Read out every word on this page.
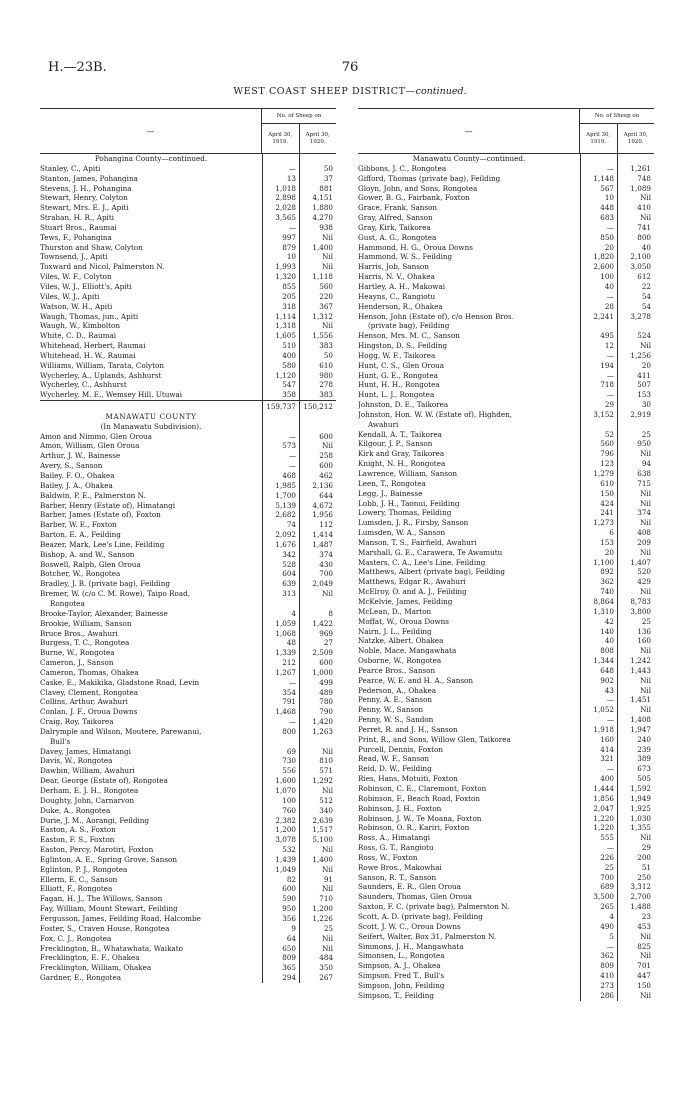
H.—23B.	76
WEST COAST SHEEP DISTRICT—continued.
—
No. of Sheep on
April 30, 1919.
April 30, 1920.
Pohangina County—continued.
Stanley, C., Apiti	—	50
Stanton, James, Pohangina	13	37
Stevens, J. H., Pohangina	1,018	881
Stewart, Henry, Colyton	2,898	4,151
Stewart, Mrs. E. J., Apiti	2,028	1,880
Strahan, H. R., Apiti	3,565	4,270
Stuart Bros., Raumai	—	938
Tews, F., Pohangina	997	Nil
Thurston and Shaw, Colyton	879	1,400
Townsend, J., Apiti	10	Nil
Toxward and Nicol, Palmerston N.	1,993	Nil
Viles, W. F., Colyton	1,320	1,118
Viles, W. J., Elliott's, Apiti	855	560
Viles, W. J., Apiti	205	220
Watson, W. H., Apiti	318	367
Waugh, Thomas, jun., Apiti	1,114	1,312
Waugh, W., Kimbolton	1,318	Nil
White, C. D., Raumai	1,605	1,556
Whitehead, Herbert, Raumai	510	383
Whitehead, H. W., Raumai	400	50
Williams, William, Tarata, Colyton	580	610
Wycherley, A., Uplands, Ashhurst	1,120	980
Wycherley, C., Ashhurst	547	278
Wycherley, M. E., Wemsey Hill, Utuwai	358	383
159,737	150,212
MANAWATU COUNTY
(In Manawatu Subdivision).
Amon and Nimmo, Glen Oroua	—	600
Amon, William, Glen Oroua	573	Nil
Arthur, J. W., Bainesse	—	258
Avery, S., Sanson	—	600
Bailey, F. O., Ohakea	468	462
Bailey, J. A., Ohakea	1,985	2,136
Baldwin, P. E., Palmerston N.	1,700	644
Barber, Henry (Estate of), Himatangi	5,139	4,672
Barber, James (Estate of), Foxton	2,682	1,956
Barber, W. E., Foxton	74	112
Barton, E. A., Feilding	2,092	1,414
Beazer, Mark, Lee's Line, Feilding	1,676	1,487
Bishop, A. and W., Sanson	342	374
Boswell, Ralph, Glen Oroua	528	430
Botcher, W., Rongotea	604	700
Bradley, J. B. (private bag), Feilding	639	2,049
Bremer, W. (c/o C. M. Rowe), Taipo Road,	313	Nil
Rongotea
Brooke-Taylor, Alexander, Bainesse	4	8
Brookie, William, Sanson	1,059	1,422
Bruce Bros., Awahuri	1,068	969
Burgess, T. C., Rongotea	48	27
Burne, W., Rongotea	1,339	2,509
Cameron, J., Sanson	212	600
Cameron, Thomas, Ohakea	1,267	1,000
Caske, E., Makikika, Gladstone Road, Levin	—	499
Clavey, Clement, Rongotea	354	489
Collins, Arthur, Awahuri	791	780
Conlan, J. F., Oroua Downs	1,468	790
Craig, Roy, Taikorea	—	1,420
Dalrymple and Wilson, Moutere, Parewanui,	800	1,263
Bull's
Davey, James, Himatangi	69	Nil
Davis, W., Rongotea	730	810
Dawbin, William, Awahuri	556	571
Dear, George (Estate of), Rongotea	1,600	1,292
Derham, E. J. H., Rongotea	1,070	Nil
Doughty, John, Carnarvon	100	512
Duke, A., Rongotea	760	340
Durie, J. M., Aorangi, Feilding	2,382	2,639
Easton, A. S., Foxton	1,200	1,517
Easton, F. S., Foxton	3,078	5,100
Easton, Percy, Marotiri, Foxton	532	Nil
Eglinton, A. E., Spring Grove, Sanson	1,439	1,400
Eglinton, P. J., Rongotea	1,049	Nil
Ellerm, E. C., Sanson	82	91
Elliott, F., Rongotea	600	Nil
Fagan, H. J., The Willows, Sanson	590	710
Fay, William, Mount Stewart, Feilding	950	1,200
Fergusson, James, Feilding Road, Halcombe	356	1,226
Foster, S., Craven House, Rongotea	9	25
Fox, C. J., Rongotea	64	Nil
Frecklington, B., Whatawhata, Waikato	650	Nil
Frecklington, E. F., Ohakea	809	484
Frecklington, William, Ohakea	365	350
Gardner, E., Rongotea	294	267
—
No. of Sheep on
April 30, 1919.
April 30, 1920.
Manawatu County—continued.
Gibbons, J. C., Rongotea	—	1,261
Gifford, Thomas (private bag), Feilding	1,148	748
Gloyn, John, and Sons, Rongotea	567	1,089
Gower, B. G., Fairbank, Foxton	10	Nil
Grace, Frank, Sanson	448	410
Gray, Alfred, Sanson	683	Nil
Gray, Kirk, Taikorea	—	741
Gust, A. G., Rongotea	850	800
Hammond, H. G., Oroua Downs	20	40
Hammond, W. S., Feilding	1,820	2,100
Harris, Job, Sanson	2,600	3,050
Harris, N. V., Ohakea	100	612
Hartley, A. H., Makowai	40	22
Heayns, C., Rangiotu	—	54
Henderson, R., Ohakea	28	54
Henson, John (Estate of), c/o Henson Bros.	2,241	3,278
(private bag), Feilding
Henson, Mrs. M. C., Sanson	495	524
Hingston, D. S., Feilding	12	Nil
Hogg, W. F., Taikorea	—	1,256
Hunt, C. S., Glen Oroua	194	20
Hunt, G. E., Rongotea	—	411
Hunt, H. H., Rongotea	718	507
Hunt, L. J., Rongotea	—	153
Johnston, D. E., Taikorea	29	30
Johnston, Hon. W. W. (Estate of), Highden,	3,152	2,919
Awahuri
Kendall, A. T., Taikorea	52	25
Kilgour, J. P., Sanson	560	950
Kirk and Gray, Taikorea	796	Nil
Knight, N. H., Rongotea	123	94
Lawrence, William, Sanson	1,279	638
Leen, T., Rongotea	610	715
Legg, J., Bainesse	150	Nil
Lobb, J. H., Taonui, Feilding	424	Nil
Lowery, Thomas, Feilding	241	374
Lumsden, J. R., Firsby, Sanson	1,273	Nil
Lumsden, W. A., Sanson	6	408
Manson, T. S., Fairfield, Awahuri	153	209
Marshall, G. E., Carawera, Te Awamutu	20	Nil
Masters, C. A., Lee's Line, Feilding	1,100	1,407
Matthews, Albert (private bag), Feilding	892	520
Matthews, Edgar R., Awahuri	362	429
McElroy, O. and A. J., Feilding	740	Nil
McKelvie, James, Feilding	8,864	8,783
McLean, D., Marton	1,310	3,800
Moffat, W., Oroua Downs	42	25
Nairn, J. L., Feilding	140	136
Natzke, Albert, Ohakea	40	160
Noble, Mace, Mangawhata	808	Nil
Osborne, W., Rongotea	1,344	1,242
Pearce Bros., Sanson	648	1,443
Pearce, W. E. and H. A., Sanson	902	Nil
Pederson, A., Ohakea	43	Nil
Penny, A. E., Sanson	—	1,451
Penny, W., Sanson	1,052	Nil
Penny, W. S., Sandon	—	1,408
Perret, R. and J. H., Sanson	1,918	1,947
Print, R., and Sons, Willow Glen, Taikorea	160	240
Purcell, Dennis, Foxton	414	239
Read, W. F., Sanson	321	389
Reid, D. W., Feilding	—	673
Ries, Hans, Motuiti, Foxton	400	505
Robinson, C. E., Claremont, Foxton	1,444	1,592
Robinson, F., Beach Road, Foxton	1,856	1,949
Robinson, J. H., Foxton	2,047	1,925
Robinson, J. W., Te Moana, Foxton	1,220	1,030
Robinson, O. R., Kariri, Foxton	1,220	1,355
Ross, A., Himatangi	555	Nil
Ross, G. T., Rangiotu	—	29
Ross, W., Foxton	226	200
Rowe Bros., Makowhai	25	51
Sanson, R. T., Sanson	700	250
Saunders, E. R., Glen Oroua	689	3,312
Saunders, Thomas, Glen Oroua	3,500	2,700
Saxton, F. C. (private bag), Palmerston N.	265	1,488
Scott, A. D. (private bag), Feilding	4	23
Scott, J. W. C., Oroua Downs	490	453
Seifert, Walter, Box 31, Palmerston N.	5	Nil
Simmons, J. H., Mangawhata	—	825
Simonsen, L., Rongotea	362	Nil
Simpson, A. J., Ohakea	809	701
Simpson, Fred T., Bull's	410	447
Simpson, John, Feilding	273	150
Simpson, T., Feilding	286	Nil
